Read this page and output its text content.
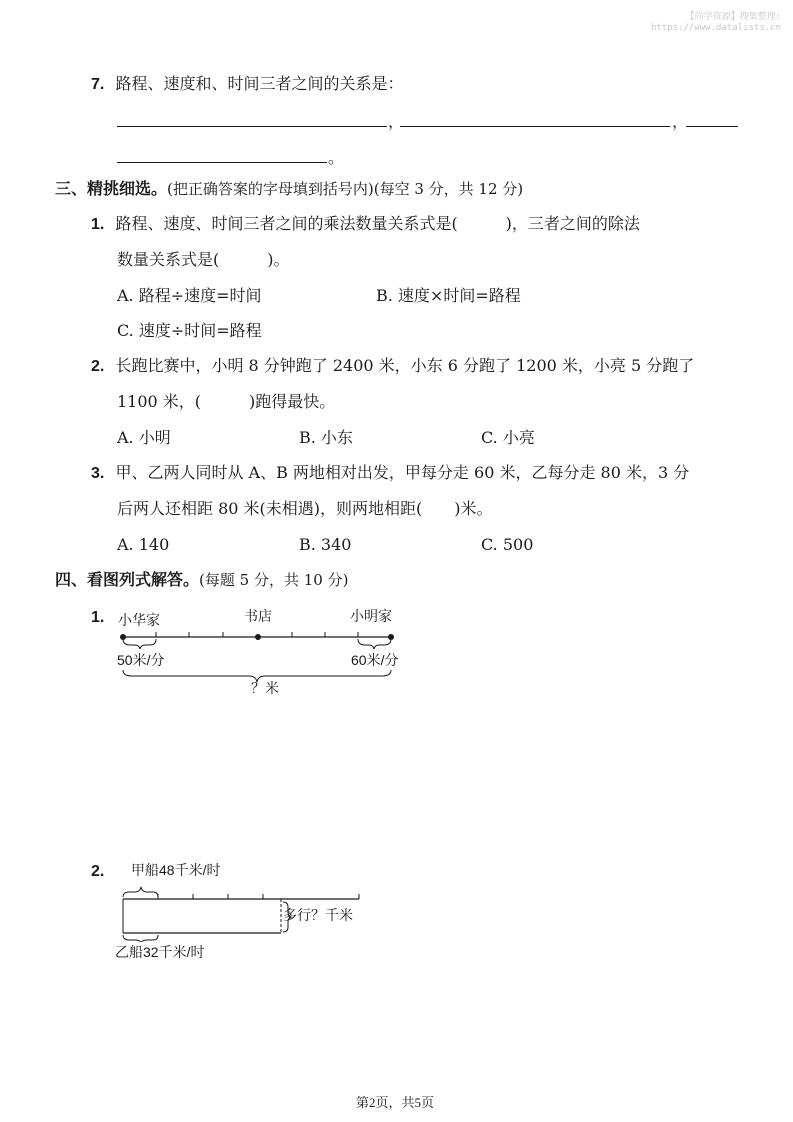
【尚学资源】搜集整理:
https://www.datalists.cn
7. 路程、速度和、时间三者之间的关系是：
，	，
。
三、精挑细选。(把正确答案的字母填到括号内)(每空 3 分，共 12 分)
1. 路程、速度、时间三者之间的乘法数量关系式是(　　　)，三者之间的除法
数量关系式是(　　　)。
A. 路程÷速度=时间	B. 速度×时间=路程
C. 速度÷时间=路程
2. 长跑比赛中，小明 8 分钟跑了 2400 米，小东 6 分跑了 1200 米，小亮 5 分跑了
1100 米，(　　　)跑得最快。
A. 小明	B. 小东	C. 小亮
3. 甲、乙两人同时从 A、B 两地相对出发，甲每分走 60 米，乙每分走 80 米，3 分
后两人还相距 80 米(未相遇)，则两地相距(　　)米。
A. 140	B. 340	C. 500
四、看图列式解答。(每题 5 分，共 10 分)
1. 小华家	书店	小明家
50米/分	60米/分
？米
2. 甲船48千米/时
多行？千米
乙船32千米/时
第2页，共5页
